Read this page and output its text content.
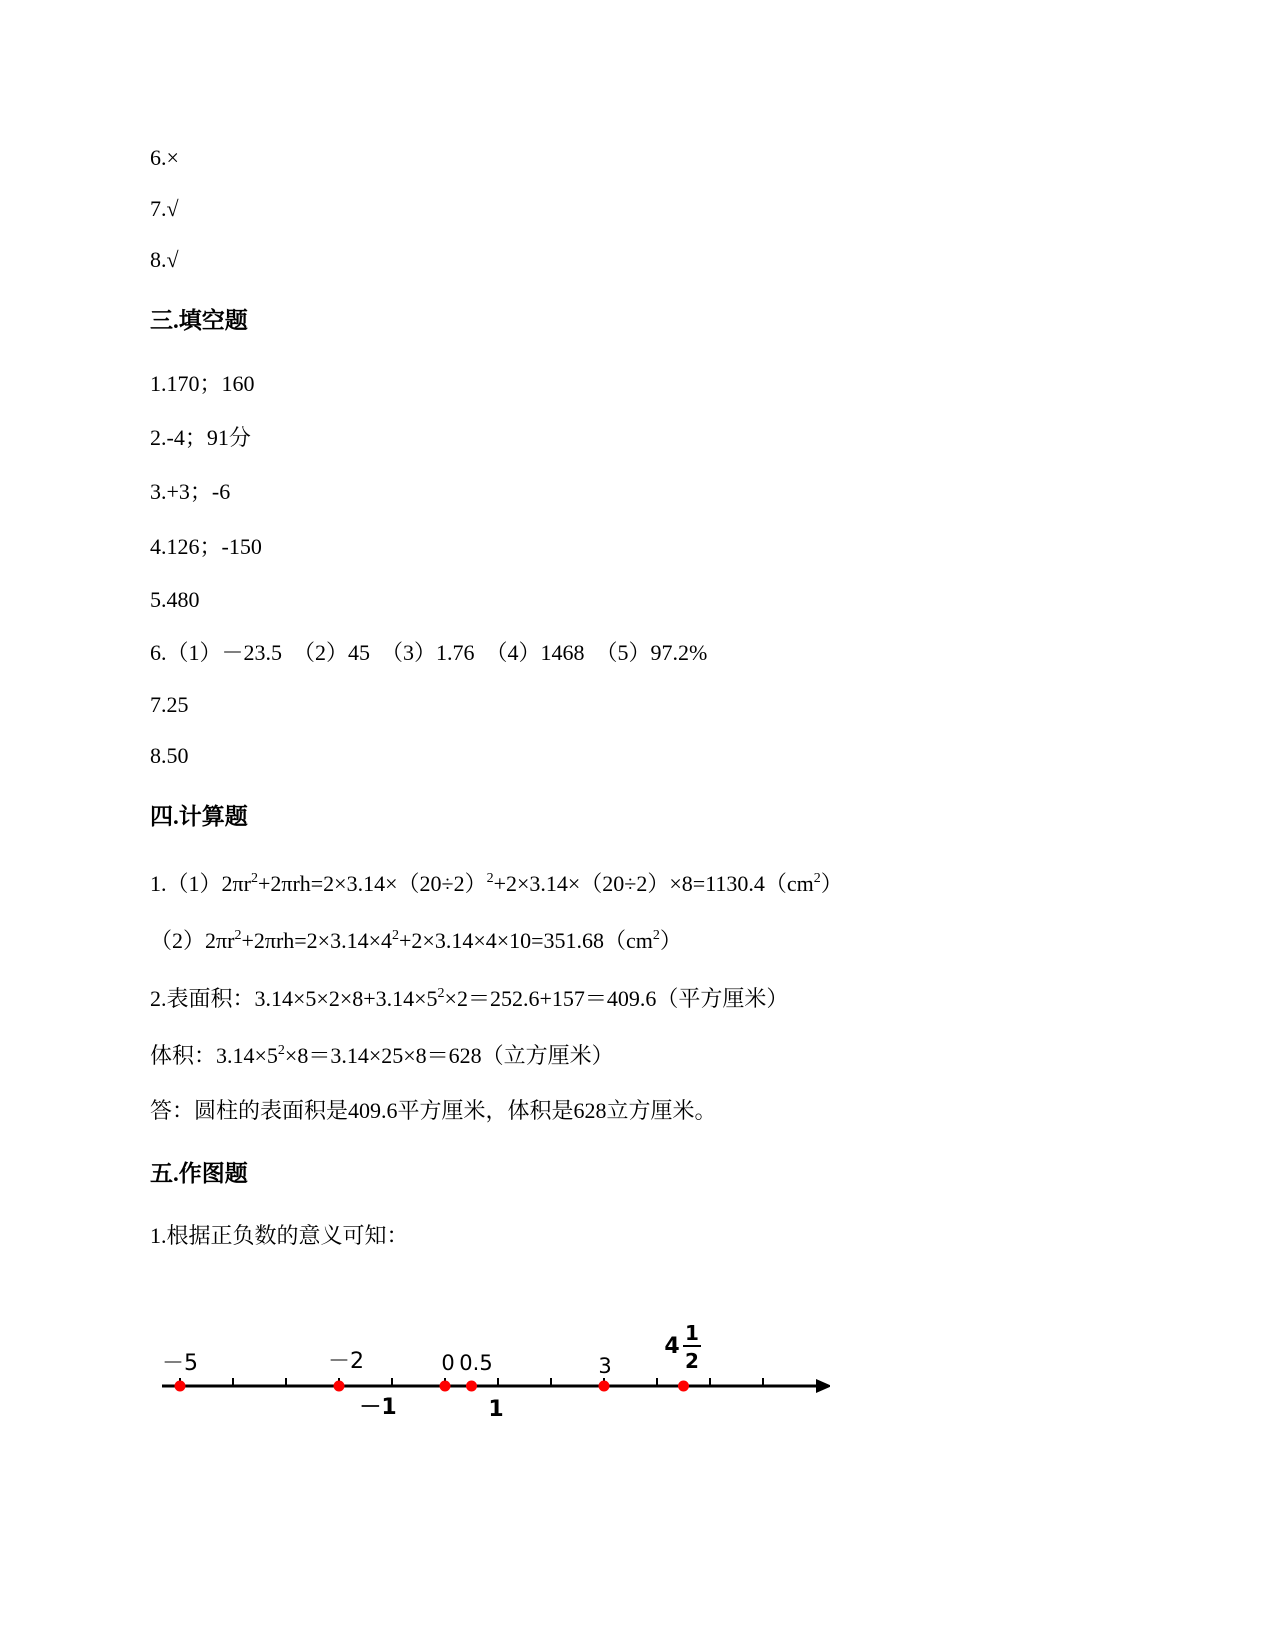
6.×
7.√
8.√
三.填空题
1.170；160
2.-4；91分
3.+3；-6
4.126；-150
5.480
6.（1）－23.5　（2）45　（3）1.76　（4）1468　（5）97.2%
7.25
8.50
四.计算题
$1.(1)2\pi r^2+2\pi rh=2\times 3.14\times(20\div 2)^2+2\times 3.14\times(20\div 2)\times 8=1130.4(cm^2)$
$(2)2\pi r^2+2\pi rh=2\times 3.14\times 4^2+2\times 3.14\times 4\times 10=351.68(cm^2)$
2.表面积：$3.14\times 5\times 2\times 8+3.14\times 5^2\times 2=252.6+157=409.6$（平方厘米）
体积：$3.14\times 5^2\times 8=3.14\times 25\times 8=628$（立方厘米）
答：圆柱的表面积是409.6平方厘米，体积是628立方厘米。
五.作图题
1.根据正负数的意义可知：
－5	－2	0 0.5	3
4
1
2
－1	1
